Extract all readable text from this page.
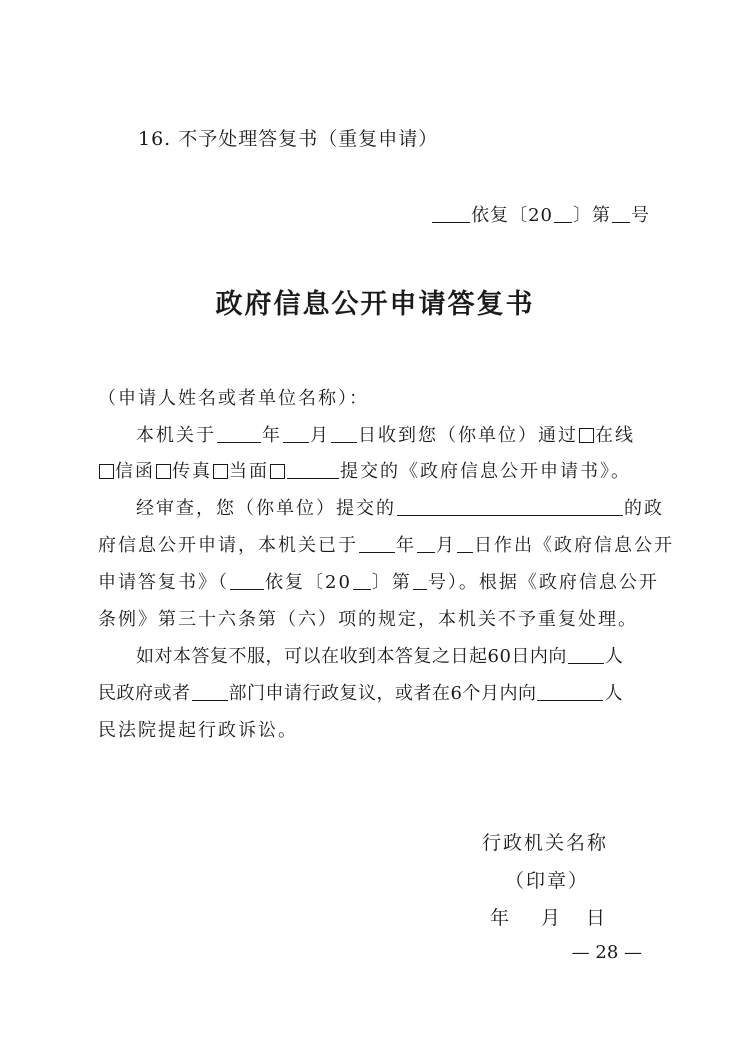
16. 不予处理答复书（重复申请）
依复〔20 〕第 号
政府信息公开申请答复书
（申请人姓名或者单位名称）：
本机关于	年 月 日收到您（你单位）通过 在线
信函 传真 当面	提交的《政府信息公开申请书》。
经审查，您（你单位）提交的	的政
府信息公开申请，本机关已于 年 月 日作出《政府信息公开
申请答复书》（ 依复〔20 〕第 号）。根据《政府信息公开
条例》第三十六条第（六）项的规定，本机关不予重复处理。
如对本答复不服，可以在收到本答复之日起60日内向 人
民政府或者 部门申请行政复议，或者在6个月内向	人
民法院提起行政诉讼。
行政机关名称
（印章）
年 月 日
— 28 —
